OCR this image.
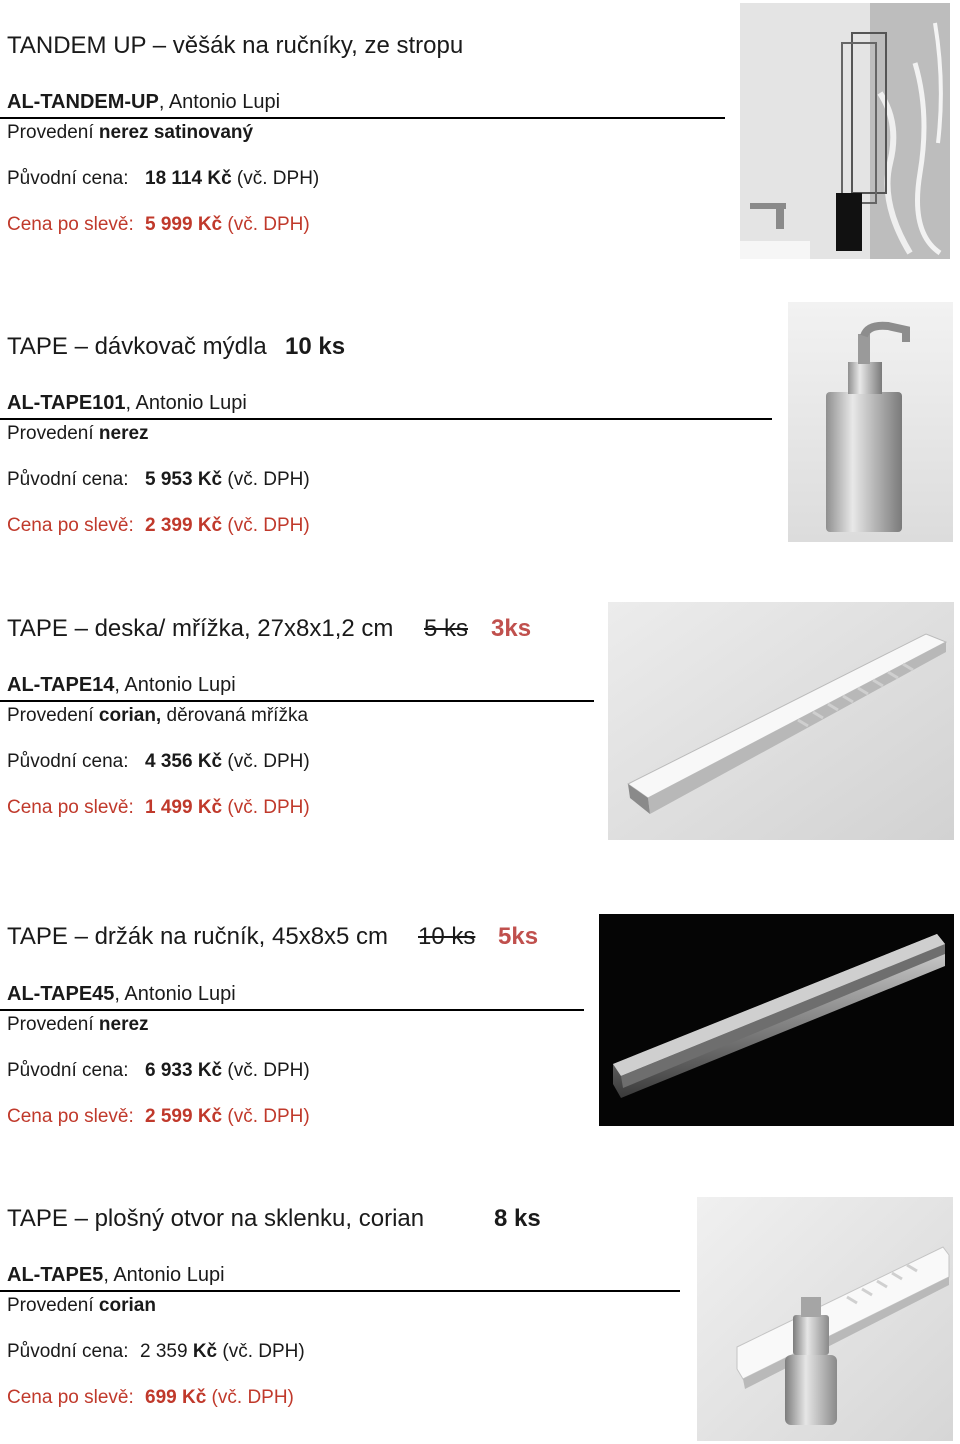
TANDEM UP – věšák na ručníky, ze stropu
AL-TANDEM-UP, Antonio Lupi
Provedení nerez satinovaný
Původní cena: 18 114 Kč (vč. DPH)
Cena po slevě: 5 999 Kč (vč. DPH)
TAPE – dávkovač mýdla 10 ks
AL-TAPE101, Antonio Lupi
Provedení nerez
Původní cena: 5 953 Kč (vč. DPH)
Cena po slevě: 2 399 Kč (vč. DPH)
TAPE – deska/ mřížka, 27x8x1,2 cm 5 ks 3ks
AL-TAPE14, Antonio Lupi
Provedení corian, děrovaná mřížka
Původní cena: 4 356 Kč (vč. DPH)
Cena po slevě: 1 499 Kč (vč. DPH)
TAPE – držák na ručník, 45x8x5 cm 10 ks 5ks
AL-TAPE45, Antonio Lupi
Provedení nerez
Původní cena: 6 933 Kč (vč. DPH)
Cena po slevě: 2 599 Kč (vč. DPH)
TAPE – plošný otvor na sklenku, corian	8 ks
AL-TAPE5, Antonio Lupi
Provedení corian
Původní cena: 2 359 Kč (vč. DPH)
Cena po slevě: 699 Kč (vč. DPH)
